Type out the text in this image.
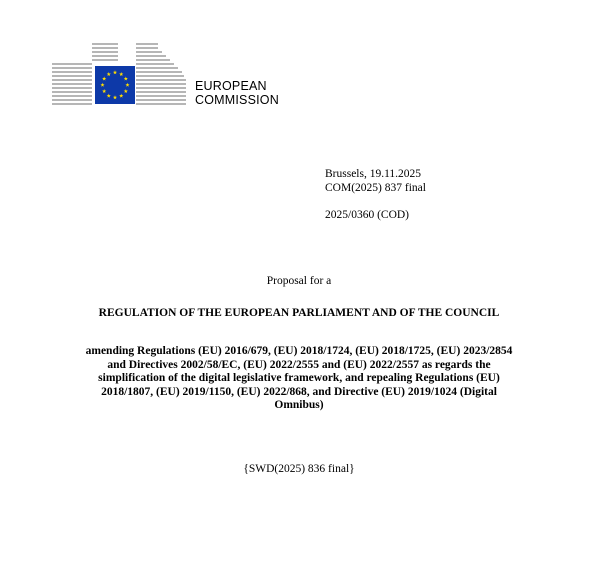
EUROPEAN
COMMISSION
Brussels, 19.11.2025
COM(2025) 837 final
2025/0360 (COD)
Proposal for a
REGULATION OF THE EUROPEAN PARLIAMENT AND OF THE COUNCIL
amending Regulations (EU) 2016/679, (EU) 2018/1724, (EU) 2018/1725, (EU) 2023/2854
and Directives 2002/58/EC, (EU) 2022/2555 and (EU) 2022/2557 as regards the
simplification of the digital legislative framework, and repealing Regulations (EU)
2018/1807, (EU) 2019/1150, (EU) 2022/868, and Directive (EU) 2019/1024 (Digital
Omnibus)
{SWD(2025) 836 final}
